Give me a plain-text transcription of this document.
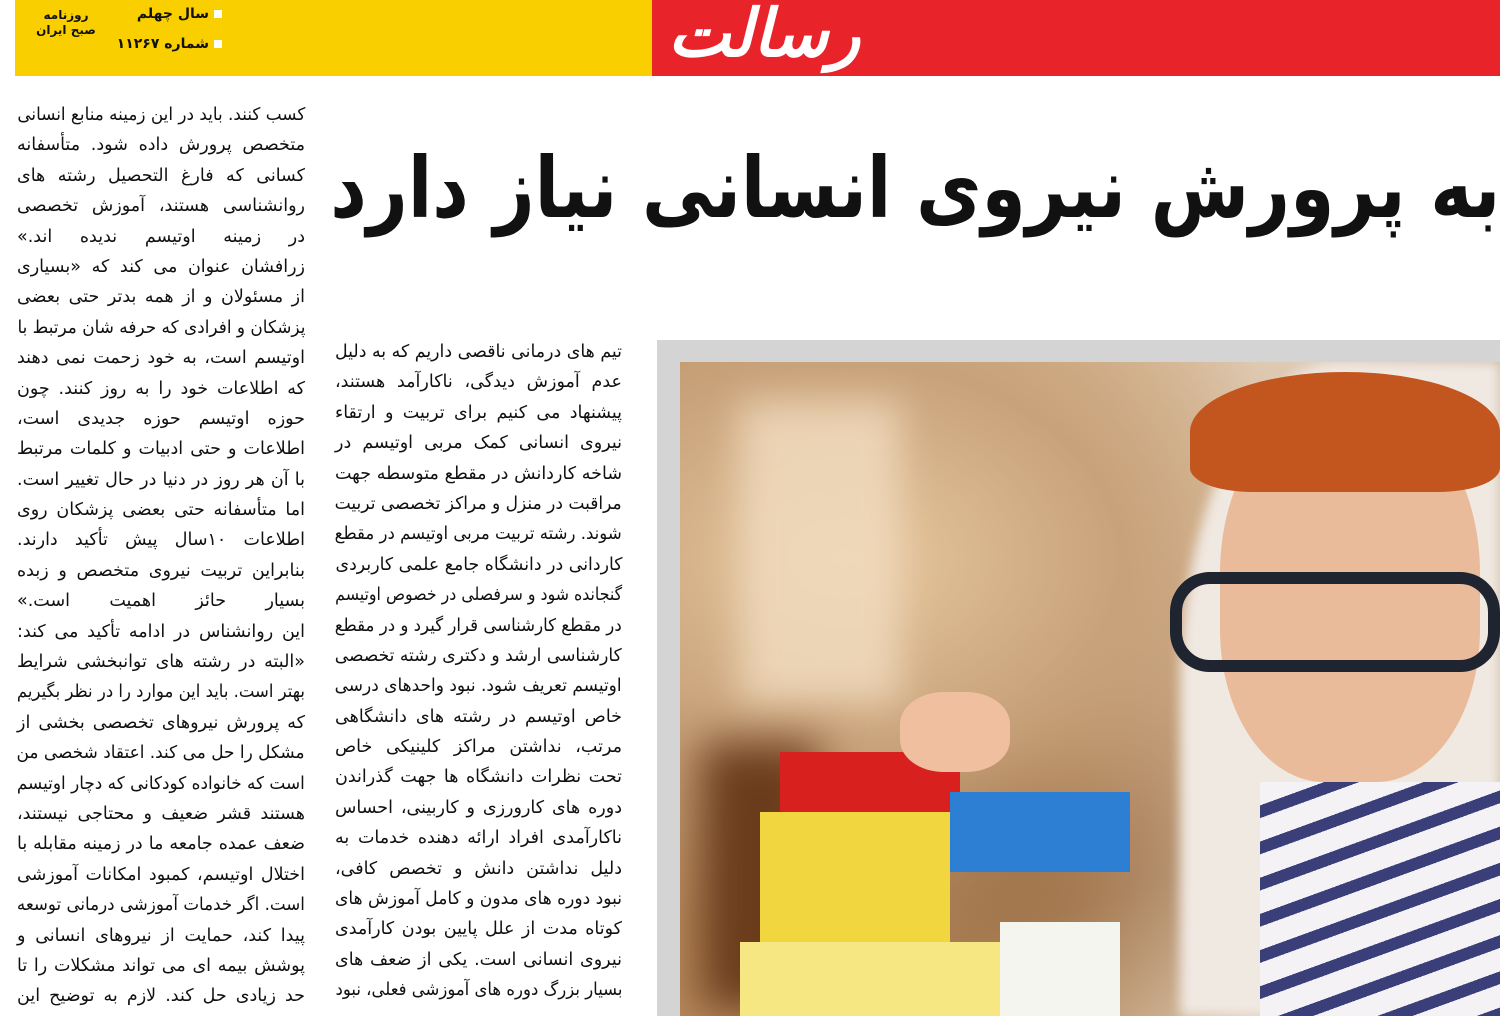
روزنامه صبح ایران
سال چهلم
شماره ۱۱۲۶۷	رسالت
به پرورش نیروی انسانی نیاز دارد
کسب کنند. باید در این زمینه منابع انسانی
متخصص پرورش داده شود. متأسفانه
کسانی که فارغ التحصیل رشته های
روانشناسی هستند، آموزش تخصصی
در زمینه اوتیسم ندیده اند.»
زرافشان عنوان می کند که «بسیاری
از مسئولان و از همه بدتر حتی بعضی
پزشکان و افرادی که حرفه شان مرتبط با
اوتیسم است، به خود زحمت نمی دهند
که اطلاعات خود را به روز کنند. چون
حوزه اوتیسم حوزه جدیدی است،
اطلاعات و حتی ادبیات و کلمات مرتبط
با آن هر روز در دنیا در حال تغییر است.
اما متأسفانه حتی بعضی پزشکان روی
اطلاعات ۱۰سال پیش تأکید دارند.
بنابراین تربیت نیروی متخصص و زبده
بسیار حائز اهمیت است.»
این روانشناس در ادامه تأکید می کند:
«البته در رشته های توانبخشی شرایط
بهتر است. باید این موارد را در نظر بگیریم
که پرورش نیروهای تخصصی بخشی از
مشکل را حل می کند. اعتقاد شخصی من
است که خانواده کودکانی که دچار اوتیسم
هستند قشر ضعیف و محتاجی نیستند،
ضعف عمده جامعه ما در زمینه مقابله با
اختلال اوتیسم، کمبود امکانات آموزشی
است. اگر خدمات آموزشی درمانی توسعه
پیدا کند، حمایت از نیروهای انسانی و
پوشش بیمه ای می تواند مشکلات را تا
حد زیادی حل کند. لازم به توضیح این
تیم های درمانی ناقصی داریم که به دلیل
عدم آموزش دیدگی، ناکارآمد هستند،
پیشنهاد می کنیم برای تربیت و ارتقاء
نیروی انسانی کمک مربی اوتیسم در
شاخه کاردانش در مقطع متوسطه جهت
مراقبت در منزل و مراکز تخصصی تربیت
شوند. رشته تربیت مربی اوتیسم در مقطع
کاردانی در دانشگاه جامع علمی کاربردی
گنجانده شود و سرفصلی در خصوص اوتیسم
در مقطع کارشناسی قرار گیرد و در مقطع
کارشناسی ارشد و دکتری رشته تخصصی
اوتیسم تعریف شود. نبود واحدهای درسی
خاص اوتیسم در رشته های دانشگاهی
مرتب، نداشتن مراکز کلینیکی خاص
تحت نظرات دانشگاه ها جهت گذراندن
دوره های کارورزی و کاربینی، احساس
ناکارآمدی افراد ارائه دهنده خدمات به
دلیل نداشتن دانش و تخصص کافی،
نبود دوره های مدون و کامل آموزش های
کوتاه مدت از علل پایین بودن کارآمدی
نیروی انسانی است. یکی از ضعف های
بسیار بزرگ دوره های آموزشی فعلی، نبود
